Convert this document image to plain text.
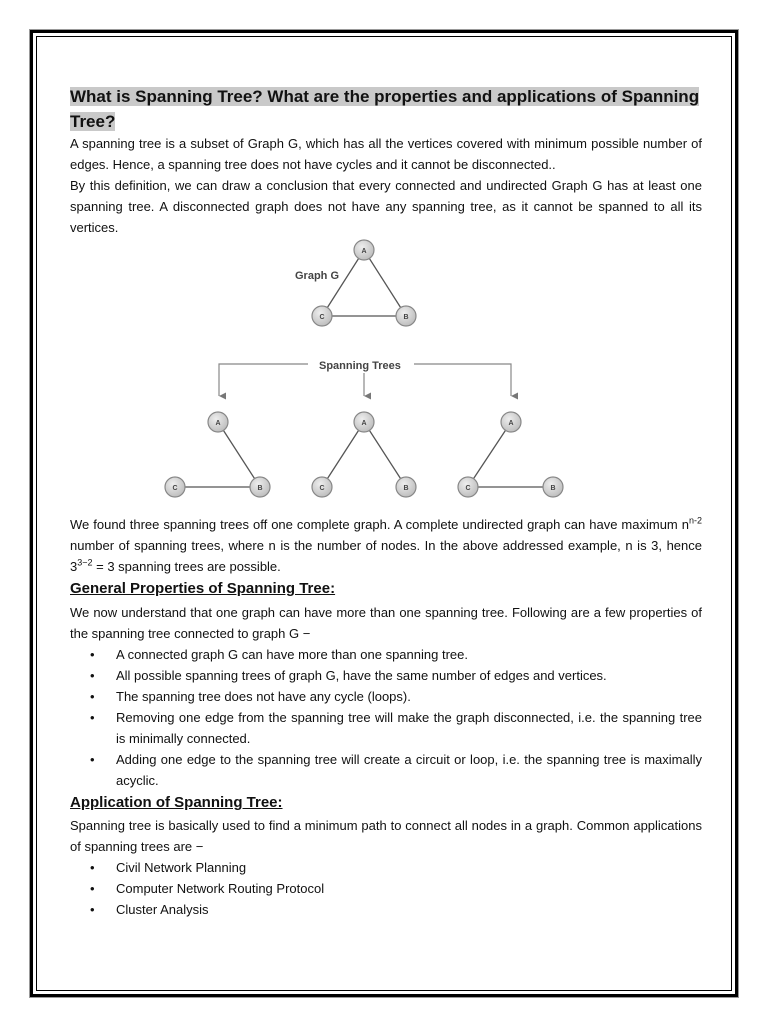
What is Spanning Tree? What are the properties and applications of Spanning Tree?
A spanning tree is a subset of Graph G, which has all the vertices covered with minimum possible number of edges. Hence, a spanning tree does not have cycles and it cannot be disconnected..
By this definition, we can draw a conclusion that every connected and undirected Graph G has at least one spanning tree. A disconnected graph does not have any spanning tree, as it cannot be spanned to all its vertices.
Graph G
Spanning Trees
A
C	B
A
C	B
A
C	B
A
C	B
We found three spanning trees off one complete graph. A complete undirected graph can have maximum $n^{n-2}$ number of spanning trees, where n is the number of nodes. In the above addressed example, n is 3, hence $3^{3-2} = 3$ spanning trees are possible.
General Properties of Spanning Tree:
We now understand that one graph can have more than one spanning tree. Following are a few properties of the spanning tree connected to graph G −
• A connected graph G can have more than one spanning tree.
• All possible spanning trees of graph G, have the same number of edges and vertices.
• The spanning tree does not have any cycle (loops).
• Removing one edge from the spanning tree will make the graph disconnected, i.e. the spanning tree is minimally connected.
• Adding one edge to the spanning tree will create a circuit or loop, i.e. the spanning tree is maximally acyclic.
Application of Spanning Tree:
Spanning tree is basically used to find a minimum path to connect all nodes in a graph. Common applications of spanning trees are −
• Civil Network Planning
• Computer Network Routing Protocol
• Cluster Analysis
